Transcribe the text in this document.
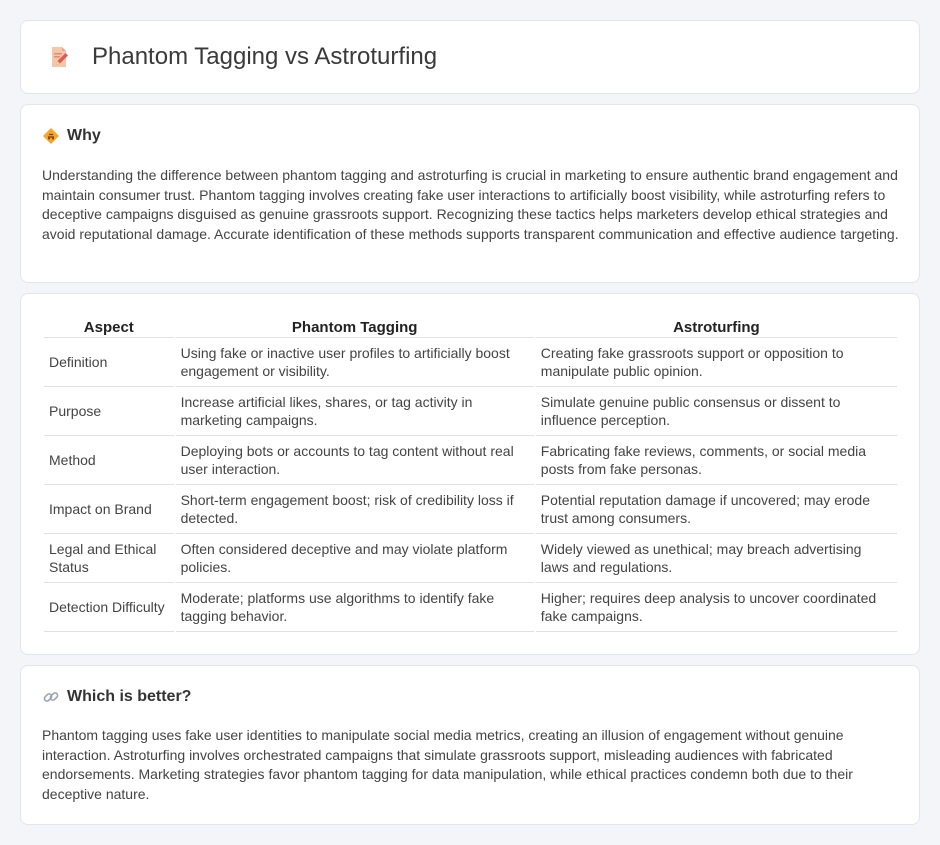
Phantom Tagging vs Astroturfing
Why

Understanding the difference between phantom tagging and astroturfing is crucial in marketing to ensure authentic brand engagement and maintain consumer trust. Phantom tagging involves creating fake user interactions to artificially boost visibility, while astroturfing refers to deceptive campaigns disguised as genuine grassroots support. Recognizing these tactics helps marketers develop ethical strategies and avoid reputational damage. Accurate identification of these methods supports transparent communication and effective audience targeting.

Aspect	Phantom Tagging	Astroturfing
Definition	Using fake or inactive user profiles to artificially boost engagement or visibility.	Creating fake grassroots support or opposition to manipulate public opinion.
Purpose	Increase artificial likes, shares, or tag activity in marketing campaigns.	Simulate genuine public consensus or dissent to influence perception.
Method	Deploying bots or accounts to tag content without real user interaction.	Fabricating fake reviews, comments, or social media posts from fake personas.
Impact on Brand	Short-term engagement boost; risk of credibility loss if detected.	Potential reputation damage if uncovered; may erode trust among consumers.
Legal and Ethical Status	Often considered deceptive and may violate platform policies.	Widely viewed as unethical; may breach advertising laws and regulations.
Detection Difficulty	Moderate; platforms use algorithms to identify fake tagging behavior.	Higher; requires deep analysis to uncover coordinated fake campaigns.
Which is better?

Phantom tagging uses fake user identities to manipulate social media metrics, creating an illusion of engagement without genuine interaction. Astroturfing involves orchestrated campaigns that simulate grassroots support, misleading audiences with fabricated endorsements. Marketing strategies favor phantom tagging for data manipulation, while ethical practices condemn both due to their deceptive nature.
